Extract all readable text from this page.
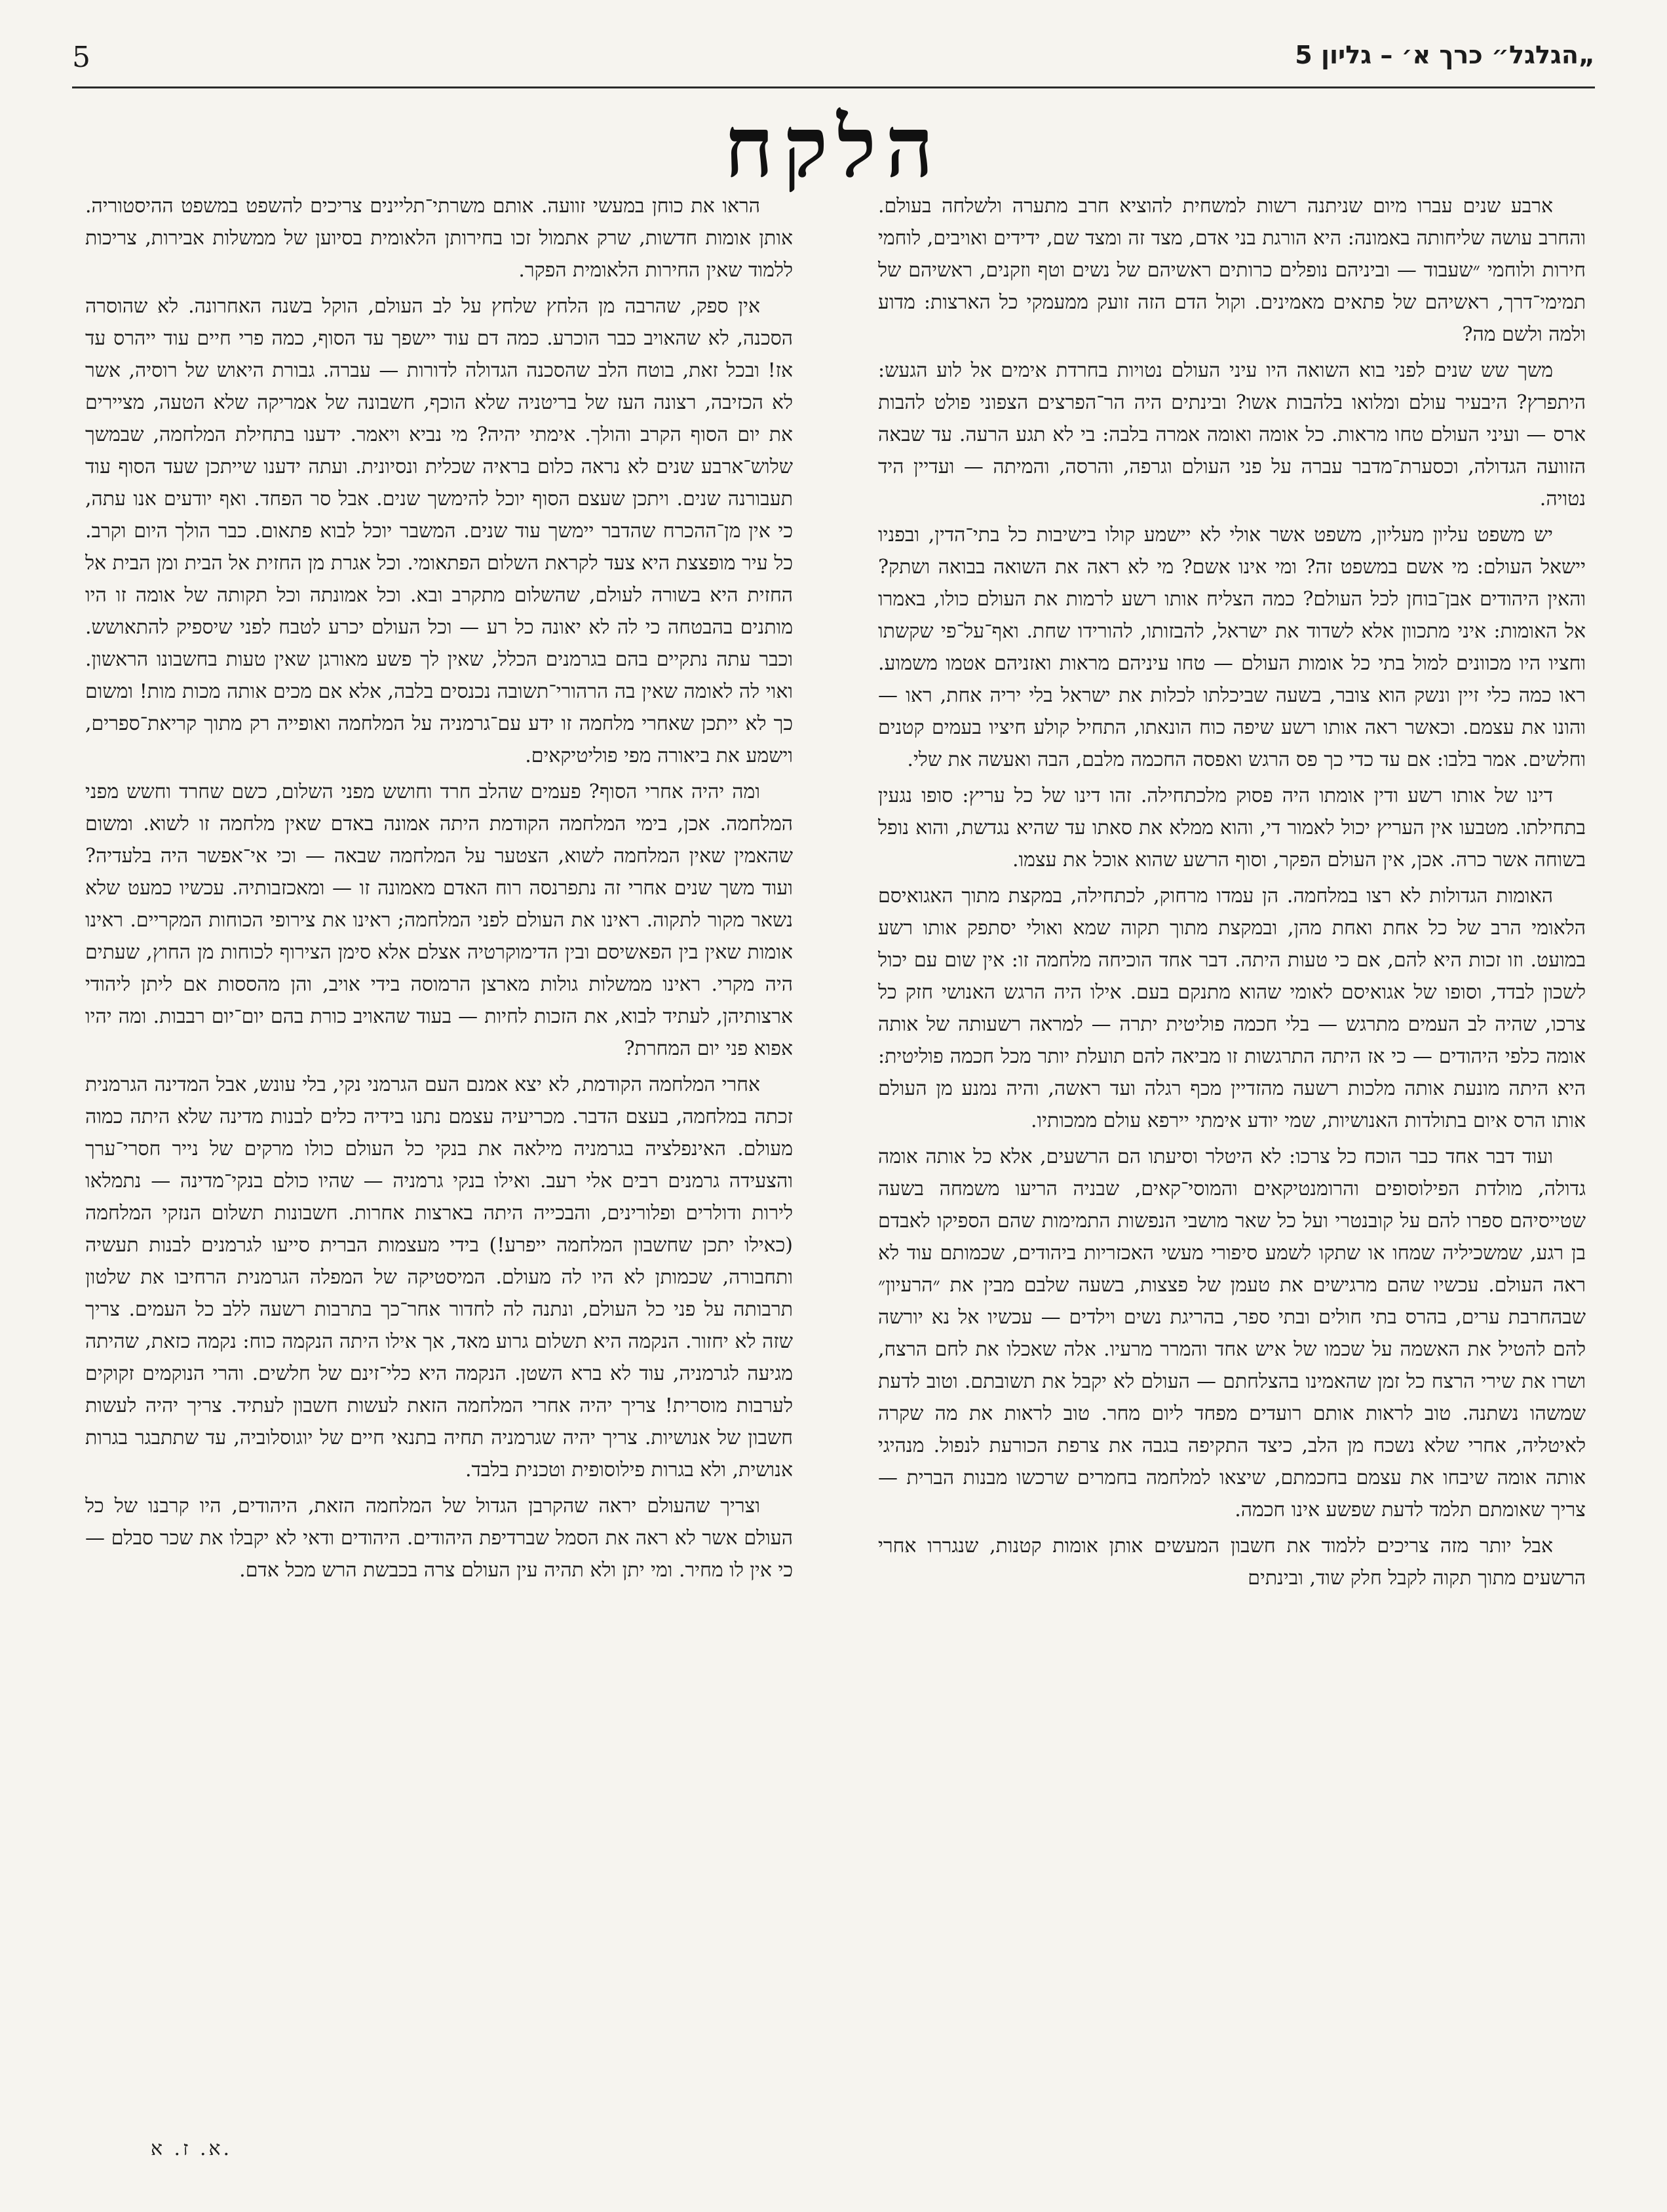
5	„הגלגל״ כרך א׳ – גליון 5
הלקח

ארבע שנים עברו מיום שניתנה רשות למשחית להוציא חרב מתערה ולשלחה בעולם. והחרב עושה שליחותה באמונה: היא הורגת בני אדם, מצד זה ומצד שם, ידידים ואויבים, לוחמי חירות ולוחמי ״שעבוד — וביניהם נופלים כרותים ראשיהם של נשים וטף וזקנים, ראשיהם של תמימי־דרך, ראשיהם של פתאים מאמינים. וקול הדם הזה זועק ממעמקי כל הארצות: מדוע ולמה ולשם מה?

משך שש שנים לפני בוא השואה היו עיני העולם נטויות בחרדת אימים אל לוע הגעש: היתפרץ? היבעיר עולם ומלואו בלהבות אשו? ובינתים היה הר־הפרצים הצפוני פולט להבות ארס — ועיני העולם טחו מראות. כל אומה ואומה אמרה בלבה: בי לא תגע הרעה. עד שבאה הזוועה הגדולה, וכסערת־מדבר עברה על פני העולם וגרפה, והרסה, והמיתה — ועדיין היד נטויה.

יש משפט עליון מעליון, משפט אשר אולי לא יישמע קולו בישיבות כל בתי־הדין, ובפניו יישאל העולם: מי אשם במשפט זה? ומי אינו אשם? מי לא ראה את השואה בבואה ושתק? והאין היהודים אבן־בוחן לכל העולם? כמה הצליח אותו רשע לרמות את העולם כולו, באמרו אל האומות: איני מתכוון אלא לשדוד את ישראל, להבזותו, להורידו שחת. ואף־על־פי שקשתו וחציו היו מכוונים למול בתי כל אומות העולם — טחו עיניהם מראות ואזניהם אטמו משמוע. ראו כמה כלי זיין ונשק הוא צובר, בשעה שביכלתו לכלות את ישראל בלי יריה אחת, ראו — והונו את עצמם. וכאשר ראה אותו רשע שיפה כוח הונאתו, התחיל קולע חיציו בעמים קטנים וחלשים. אמר בלבו: אם עד כדי כך פס הרגש ואפסה החכמה מלבם, הבה ואעשה את שלי.

דינו של אותו רשע ודין אומתו היה פסוק מלכתחילה. זהו דינו של כל עריץ: סופו נגעין בתחילתו. מטבעו אין העריץ יכול לאמור די, והוא ממלא את סאתו עד שהיא נגדשת, והוא נופל בשוחה אשר כרה. אכן, אין העולם הפקר, וסוף הרשע שהוא אוכל את עצמו.

האומות הגדולות לא רצו במלחמה. הן עמדו מרחוק, לכתחילה, במקצת מתוך האגואיסם הלאומי הרב של כל אחת ואחת מהן, ובמקצת מתוך תקוה שמא ואולי יסתפק אותו רשע במועט. וזו זכות היא להם, אם כי טעות היתה. דבר אחד הוכיחה מלחמה זו: אין שום עם יכול לשכון לבדד, וסופו של אגואיסם לאומי שהוא מתנקם בעם. אילו היה הרגש האנושי חזק כל צרכו, שהיה לב העמים מתרגש — בלי חכמה פוליטית יתרה — למראה רשעותה של אותה אומה כלפי היהודים — כי אז היתה התרגשות זו מביאה להם תועלת יותר מכל חכמה פוליטית: היא היתה מונעת אותה מלכות רשעה מהזדיין מכף רגלה ועד ראשה, והיה נמנע מן העולם אותו הרס איום בתולדות האנושיות, שמי יודע אימתי יירפא עולם ממכותיו.

ועוד דבר אחד כבר הוכח כל צרכו: לא היטלר וסיעתו הם הרשעים, אלא כל אותה אומה גדולה, מולדת הפילוסופים והרומנטיקאים והמוסי־קאים, שבניה הריעו משמחה בשעה שטייסיהם ספרו להם על קובנטרי ועל כל שאר מושבי הנפשות התמימות שהם הספיקו לאבדם בן רגע, שמשכיליה שמחו או שתקו לשמע סיפורי מעשי האכזריות ביהודים, שכמותם עוד לא ראה העולם. עכשיו שהם מרגישים את טעמן של פצצות, בשעה שלבם מבין את ״הרעיון״ שבהחרבת ערים, בהרס בתי חולים ובתי ספר, בהריגת נשים וילדים — עכשיו אל נא יורשה להם להטיל את האשמה על שכמו של איש אחד והמרר מרעיו. אלה שאכלו את לחם הרצח, ושרו את שירי הרצח כל זמן שהאמינו בהצלחתם — העולם לא יקבל את תשובתם. וטוב לדעת שמשהו נשתנה. טוב לראות אותם רועדים מפחד ליום מחר. טוב לראות את מה שקרה לאיטליה, אחרי שלא נשכח מן הלב, כיצד התקיפה בגבה את צרפת הכורעת לנפול. מנהיגי אותה אומה שיבחו את עצמם בחכמתם, שיצאו למלחמה בחמרים שרכשו מבנות הברית — צריך שאומתם תלמד לדעת שפשע אינו חכמה.

אבל יותר מזה צריכים ללמוד את חשבון המעשים אותן אומות קטנות, שנגררו אחרי הרשעים מתוך תקוה לקבל חלק שוד, ובינתים

הראו את כוחן במעשי זוועה. אותם משרתי־תליינים צריכים להשפט במשפט ההיסטוריה. אותן אומות חדשות, שרק אתמול זכו בחירותן הלאומית בסיוען של ממשלות אבירות, צריכות ללמוד שאין החירות הלאומית הפקר.

אין ספק, שהרבה מן הלחץ שלחץ על לב העולם, הוקל בשנה האחרונה. לא שהוסרה הסכנה, לא שהאויב כבר הוכרע. כמה דם עוד יישפך עד הסוף, כמה פרי חיים עוד ייהרס עד אז! ובכל זאת, בוטח הלב שהסכנה הגדולה לדורות — עברה. גבורת היאוש של רוסיה, אשר לא הכזיבה, רצונה העז של בריטניה שלא הוכף, חשבונה של אמריקה שלא הטעה, מציירים את יום הסוף הקרב והולך. אימתי יהיה? מי נביא ויאמר. ידענו בתחילת המלחמה, שבמשך שלוש־ארבע שנים לא נראה כלום בראיה שכלית ונסיונית. ועתה ידענו שייתכן שעד הסוף עוד תעבורנה שנים. ויתכן שעצם הסוף יוכל להימשך שנים. אבל סר הפחד. ואף יודעים אנו עתה, כי אין מן־ההכרח שהדבר יימשך עוד שנים. המשבר יוכל לבוא פתאום. כבר הולך היום וקרב. כל עיר מופצצת היא צעד לקראת השלום הפתאומי. וכל אגרת מן החזית אל הבית ומן הבית אל החזית היא בשורה לעולם, שהשלום מתקרב ובא. וכל אמונתה וכל תקותה של אומה זו היו מותנים בהבטחה כי לה לא יאונה כל רע — וכל העולם יכרע לטבח לפני שיספיק להתאושש. וכבר עתה נתקיים בהם בגרמנים הכלל, שאין לך פשע מאורגן שאין טעות בחשבונו הראשון. ואוי לה לאומה שאין בה הרהורי־תשובה נכנסים בלבה, אלא אם מכים אותה מכות מות! ומשום כך לא ייתכן שאחרי מלחמה זו ידע עם־גרמניה על המלחמה ואופייה רק מתוך קריאת־ספרים, וישמע את ביאורה מפי פוליטיקאים.

ומה יהיה אחרי הסוף? פעמים שהלב חרד וחושש מפני השלום, כשם שחרד וחשש מפני המלחמה. אכן, בימי המלחמה הקודמת היתה אמונה באדם שאין מלחמה זו לשוא. ומשום שהאמין שאין המלחמה לשוא, הצטער על המלחמה שבאה — וכי אי־אפשר היה בלעדיה? ועוד משך שנים אחרי זה נתפרנסה רוח האדם מאמונה זו — ומאכזבותיה. עכשיו כמעט שלא נשאר מקור לתקוה. ראינו את העולם לפני המלחמה; ראינו את צירופי הכוחות המקריים. ראינו אומות שאין בין הפאשיסם ובין הדימוקרטיה אצלם אלא סימן הצירוף לכוחות מן החוץ, שעתים היה מקרי. ראינו ממשלות גולות מארצן הרמוסה בידי אויב, והן מהססות אם ליתן ליהודי ארצותיהן, לעתיד לבוא, את הזכות לחיות — בעוד שהאויב כורת בהם יום־יום רבבות. ומה יהיו אפוא פני יום המחרת?

אחרי המלחמה הקודמת, לא יצא אמנם העם הגרמני נקי, בלי עונש, אבל המדינה הגרמנית זכתה במלחמה, בעצם הדבר. מכריעיה עצמם נתנו בידיה כלים לבנות מדינה שלא היתה כמוה מעולם. האינפלציה בגרמניה מילאה את בנקי כל העולם כולו מרקים של נייר חסרי־ערך והצעידה גרמנים רבים אלי רעב. ואילו בנקי גרמניה — שהיו כולם בנקי־מדינה — נתמלאו לירות ודולרים ופלורינים, והבכייה היתה בארצות אחרות. חשבונות תשלום הנזקי המלחמה (כאילו יתכן שחשבון המלחמה ייפרע!) בידי מעצמות הברית סייעו לגרמנים לבנות תעשיה ותחבורה, שכמותן לא היו לה מעולם. המיסטיקה של המפלה הגרמנית הרחיבו את שלטון תרבותה על פני כל העולם, ונתנה לה לחדור אחר־כך בתרבות רשעה ללב כל העמים. צריך שזה לא יחזור. הנקמה היא תשלום גרוע מאד, אך אילו היתה הנקמה כוח: נקמה כזאת, שהיתה מגיעה לגרמניה, עוד לא ברא השטן. הנקמה היא כלי־זינם של חלשים. והרי הנוקמים זקוקים לערבות מוסרית! צריך יהיה אחרי המלחמה הזאת לעשות חשבון לעתיד. צריך יהיה לעשות חשבון של אנושיות. צריך יהיה שגרמניה תחיה בתנאי חיים של יוגוסלוביה, עד שתתבגר בגרות אנושית, ולא בגרות פילוסופית וטכנית בלבד.

וצריך שהעולם יראה שהקרבן הגדול של המלחמה הזאת, היהודים, היו קרבנו של כל העולם אשר לא ראה את הסמל שברדיפת היהודים. היהודים ודאי לא יקבלו את שכר סבלם — כי אין לו מחיר. ומי יתן ולא תהיה עין העולם צרה בכבשת הרש מכל אדם.

א. ז. א.
